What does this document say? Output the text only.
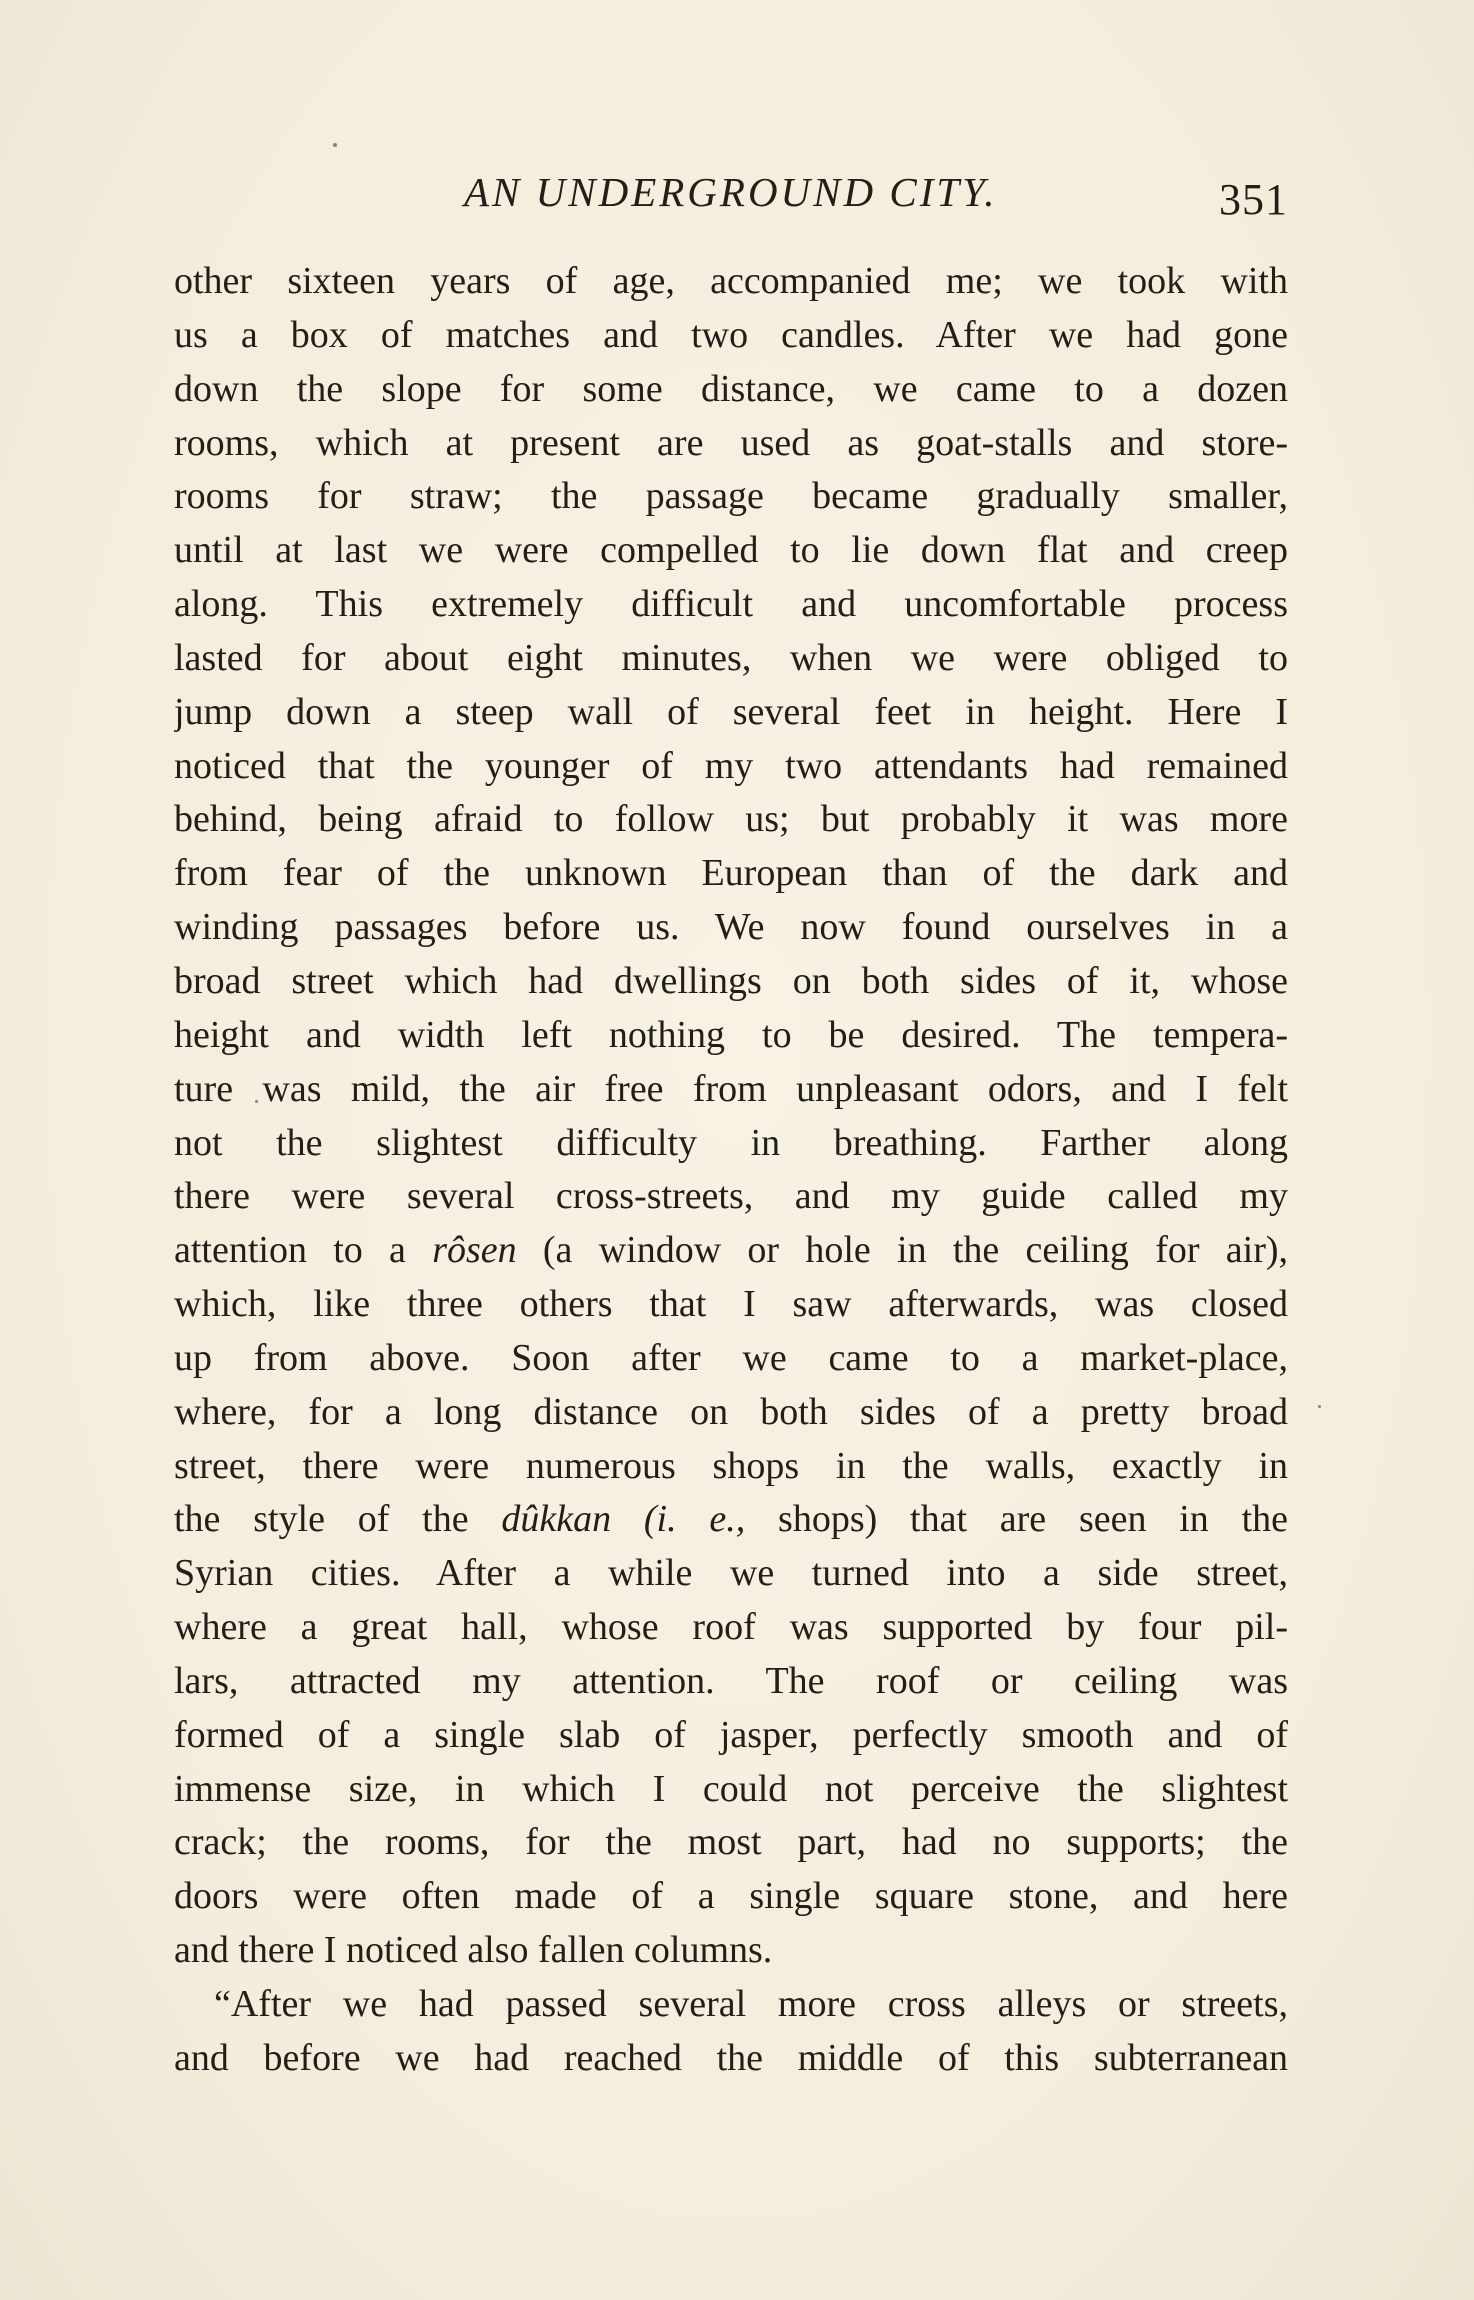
AN UNDERGROUND CITY.	351
other sixteen years of age, accompanied me; we took with
us a box of matches and two candles. After we had gone
down the slope for some distance, we came to a dozen
rooms, which at present are used as goat-stalls and store-
rooms for straw; the passage became gradually smaller,
until at last we were compelled to lie down flat and creep
along. This extremely difficult and uncomfortable process
lasted for about eight minutes, when we were obliged to
jump down a steep wall of several feet in height. Here I
noticed that the younger of my two attendants had remained
behind, being afraid to follow us; but probably it was more
from fear of the unknown European than of the dark and
winding passages before us. We now found ourselves in a
broad street which had dwellings on both sides of it, whose
height and width left nothing to be desired. The tempera-
ture was mild, the air free from unpleasant odors, and I felt
not the slightest difficulty in breathing. Farther along
there were several cross-streets, and my guide called my
attention to a rôsen (a window or hole in the ceiling for air),
which, like three others that I saw afterwards, was closed
up from above. Soon after we came to a market-place,
where, for a long distance on both sides of a pretty broad
street, there were numerous shops in the walls, exactly in
the style of the dûkkan (i. e., shops) that are seen in the
Syrian cities. After a while we turned into a side street,
where a great hall, whose roof was supported by four pil-
lars, attracted my attention. The roof or ceiling was
formed of a single slab of jasper, perfectly smooth and of
immense size, in which I could not perceive the slightest
crack; the rooms, for the most part, had no supports; the
doors were often made of a single square stone, and here
and there I noticed also fallen columns.
“After we had passed several more cross alleys or streets,
and before we had reached the middle of this subterranean
